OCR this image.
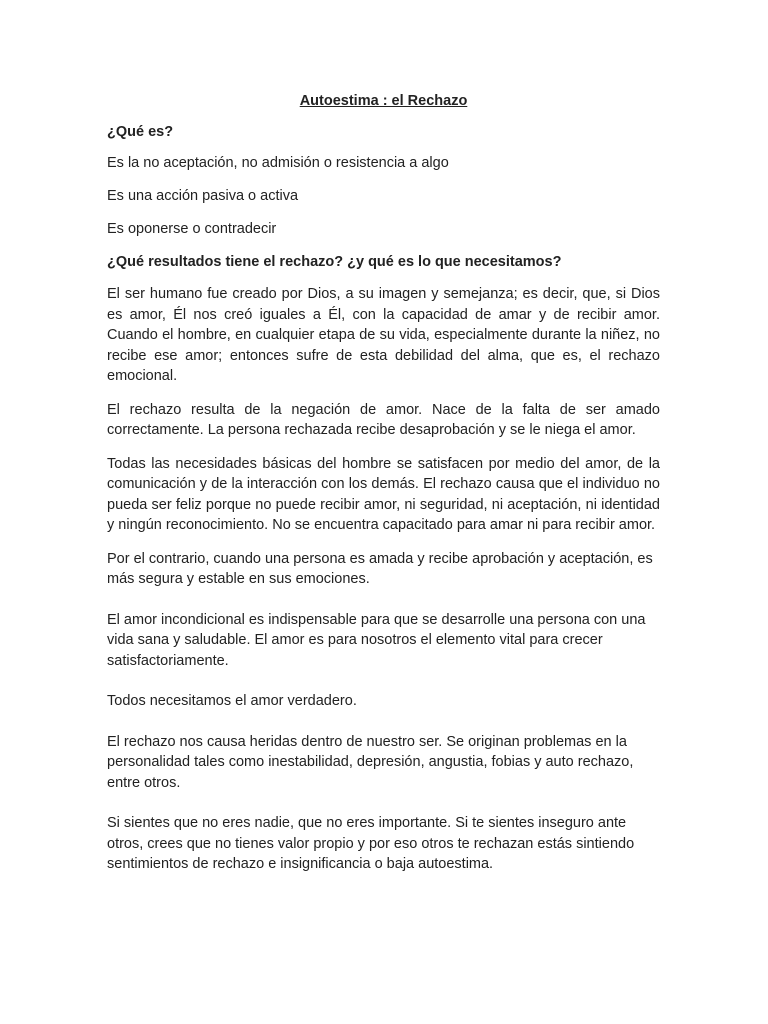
Autoestima : el Rechazo
¿Qué es?
Es la no aceptación, no admisión o resistencia a algo
Es una acción pasiva o activa
Es oponerse o contradecir
¿Qué resultados tiene el rechazo? ¿y qué es lo que necesitamos?

El ser humano fue creado por Dios, a su imagen y semejanza; es decir, que, si Dios es amor, Él nos creó iguales a Él, con la capacidad de amar y de recibir amor. Cuando el hombre, en cualquier etapa de su vida, especialmente durante la niñez, no recibe ese amor; entonces sufre de esta debilidad del alma, que es, el rechazo emocional.

El rechazo resulta de la negación de amor. Nace de la falta de ser amado correctamente. La persona rechazada recibe desaprobación y se le niega el amor.

Todas las necesidades básicas del hombre se satisfacen por medio del amor, de la comunicación y de la interacción con los demás. El rechazo causa que el individuo no pueda ser feliz porque no puede recibir amor, ni seguridad, ni aceptación, ni identidad y ningún reconocimiento. No se encuentra capacitado para amar ni para recibir amor.

Por el contrario, cuando una persona es amada y recibe aprobación y aceptación, es más segura y estable en sus emociones.

El amor incondicional es indispensable para que se desarrolle una persona con una vida sana y saludable. El amor es para nosotros el elemento vital para crecer satisfactoriamente.

Todos necesitamos el amor verdadero.

El rechazo nos causa heridas dentro de nuestro ser. Se originan problemas en la personalidad tales como inestabilidad, depresión, angustia, fobias y auto rechazo, entre otros.

Si sientes que no eres nadie, que no eres importante. Si te sientes inseguro ante otros, crees que no tienes valor propio y por eso otros te rechazan estás sintiendo sentimientos de rechazo e insignificancia o baja autoestima.
